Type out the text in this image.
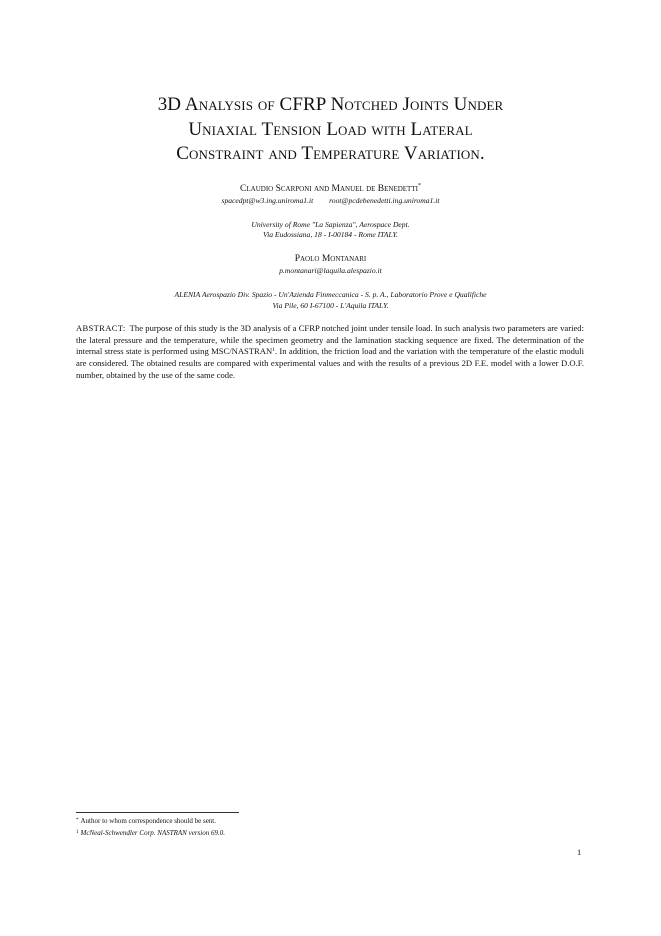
3D Analysis of CFRP Notched Joints Under
Uniaxial Tension Load with Lateral
Constraint and Temperature Variation.
Claudio Scarponi and Manuel de Benedetti*
spacedpt@w3.ing.uniroma1.it root@pcdebenedetti.ing.uniroma1.it
University of Rome "La Sapienza", Aerospace Dept.
Via Eudossiana, 18 - I-00184 - Rome ITALY.
Paolo Montanari
p.montanari@laquila.alespazio.it
ALENIA Aerospazio Div. Spazio - Un'Azienda Finmeccanica - S. p. A., Laboratorio Prove e Qualifiche
Via Pile, 60 I-67100 - L'Aquila ITALY.
ABSTRACT: The purpose of this study is the 3D analysis of a CFRP notched joint under tensile load. In such analysis two parameters are varied: the lateral pressure and the temperature, while the specimen geometry and the lamination stacking sequence are fixed. The determination of the internal stress state is performed using MSC/NASTRAN$^1$. In addition, the friction load and the variation with the temperature of the elastic moduli are considered. The obtained results are compared with experimental values and with the results of a previous 2D F.E. model with a lower D.O.F. number, obtained by the use of the same code.
* Author to whom correspondence should be sent.
$^1$ McNeal-Schwendler Corp. NASTRAN version 69.0.
1
